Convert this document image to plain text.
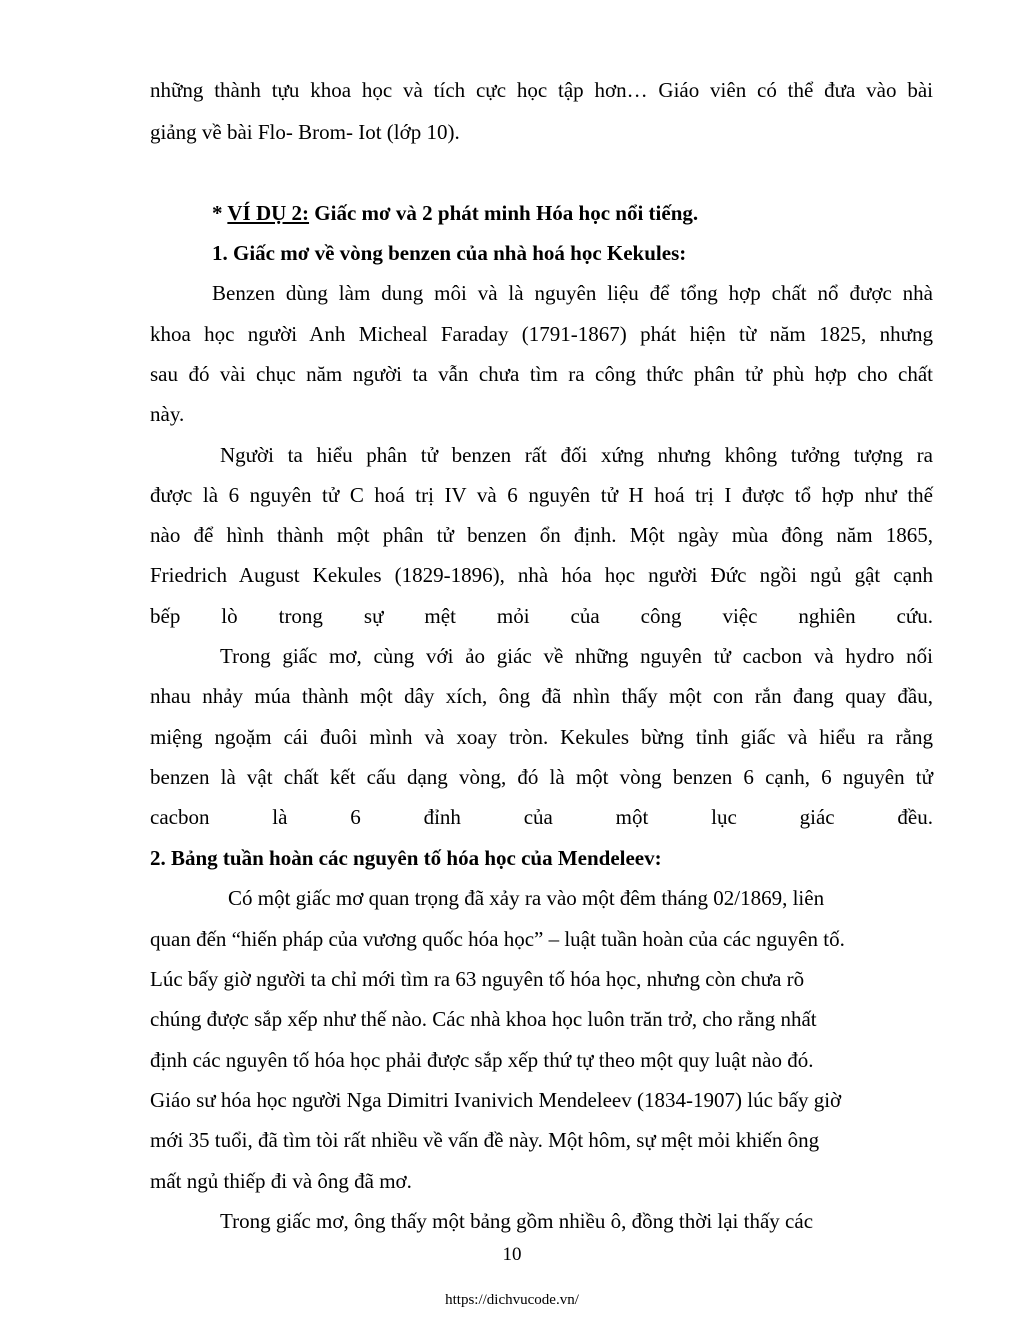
những thành tựu khoa học và tích cực học tập hơn… Giáo viên có thể đưa vào bài
giảng về bài Flo- Brom- Iot (lớp 10).
* VÍ DỤ 2: Giấc mơ và 2 phát minh Hóa học nổi tiếng.
1. Giấc mơ về vòng benzen của nhà hoá học Kekules:
Benzen dùng làm dung môi và là nguyên liệu để tổng hợp chất nổ được nhà
khoa học người Anh Micheal Faraday (1791-1867) phát hiện từ năm 1825, nhưng
sau đó vài chục năm người ta vẫn chưa tìm ra công thức phân tử phù hợp cho chất
này.
Người ta hiểu phân tử benzen rất đối xứng nhưng không tưởng tượng ra
được là 6 nguyên tử C hoá trị IV và 6 nguyên tử H hoá trị I được tổ hợp như thế
nào để hình thành một phân tử benzen ổn định. Một ngày mùa đông năm 1865,
Friedrich August Kekules (1829-1896), nhà hóa học người Đức ngồi ngủ gật cạnh
bếp lò trong sự mệt mỏi của công việc nghiên cứu.
Trong giấc mơ, cùng với ảo giác về những nguyên tử cacbon và hydro nối
nhau nhảy múa thành một dây xích, ông đã nhìn thấy một con rắn đang quay đầu,
miệng ngoặm cái đuôi mình và xoay tròn. Kekules bừng tỉnh giấc và hiểu ra rằng
benzen là vật chất kết cấu dạng vòng, đó là một vòng benzen 6 cạnh, 6 nguyên tử
cacbon là 6 đỉnh của một lục giác đều.
2. Bảng tuần hoàn các nguyên tố hóa học của Mendeleev:
Có một giấc mơ quan trọng đã xảy ra vào một đêm tháng 02/1869, liên
quan đến “hiến pháp của vương quốc hóa học” – luật tuần hoàn của các nguyên tố.
Lúc bấy giờ người ta chỉ mới tìm ra 63 nguyên tố hóa học, nhưng còn chưa rõ
chúng được sắp xếp như thế nào. Các nhà khoa học luôn trăn trở, cho rằng nhất
định các nguyên tố hóa học phải được sắp xếp thứ tự theo một quy luật nào đó.
Giáo sư hóa học người Nga Dimitri Ivanivich Mendeleev (1834-1907) lúc bấy giờ
mới 35 tuổi, đã tìm tòi rất nhiều về vấn đề này. Một hôm, sự mệt mỏi khiến ông
mất ngủ thiếp đi và ông đã mơ.
Trong giấc mơ, ông thấy một bảng gồm nhiều ô, đồng thời lại thấy các
10
https://dichvucode.vn/
